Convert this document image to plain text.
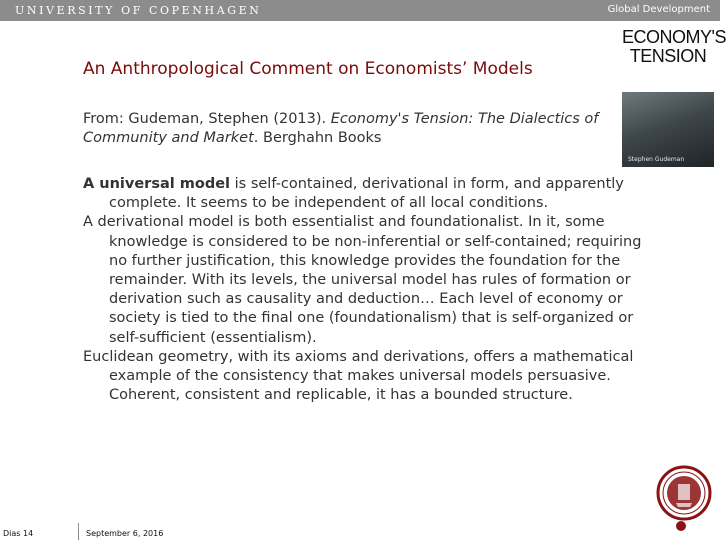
UNIVERSITY OF COPENHAGEN	Global Development
An Anthropological Comment on Economists’ Models
ECONOMY'S
TENSION
Stephen Gudeman
From: Gudeman, Stephen (2013). Economy's Tension: The Dialectics of Community and Market. Berghahn Books

A universal model is self-contained, derivational in form, and apparently complete. It seems to be independent of all local conditions.

A derivational model is both essentialist and foundationalist. In it, some knowledge is considered to be non-inferential or self-contained; requiring no further justification, this knowledge provides the foundation for the remainder. With its levels, the universal model has rules of formation or derivation such as causality and deduction… Each level of economy or society is tied to the final one (foundationalism) that is self-organized or self-sufficient (essentialism).

Euclidean geometry, with its axioms and derivations, offers a mathematical example of the consistency that makes universal models persuasive. Coherent, consistent and replicable, it has a bounded structure.

Dias 14	September 6, 2016
